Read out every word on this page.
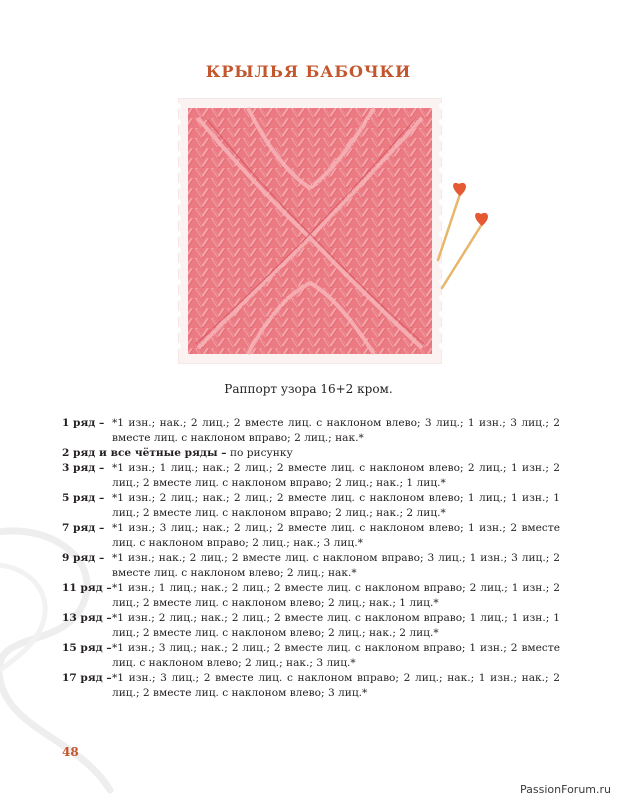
КРЫЛЬЯ БАБОЧКИ
Раппорт узора 16+2 кром.
1 ряд – *1 изн.; нак.; 2 лиц.; 2 вместе лиц. с наклоном влево; 3 лиц.; 1 изн.; 3 лиц.; 2 вместе лиц. с наклоном вправо; 2 лиц.; нак.*
2 ряд и все чётные ряды –
по рисунку
3 ряд – *1 изн.; 1 лиц.; нак.; 2 лиц.; 2 вместе лиц. с наклоном влево; 2 лиц.; 1 изн.; 2 лиц.; 2 вместе лиц. с наклоном вправо; 2 лиц.; нак.; 1 лиц.*
5 ряд – *1 изн.; 2 лиц.; нак.; 2 лиц.; 2 вместе лиц. с наклоном влево; 1 лиц.; 1 изн.; 1 лиц.; 2 вместе лиц. с наклоном вправо; 2 лиц.; нак.; 2 лиц.*
7 ряд – *1 изн.; 3 лиц.; нак.; 2 лиц.; 2 вместе лиц. с наклоном влево; 1 изн.; 2 вместе лиц. с наклоном вправо; 2 лиц.; нак.; 3 лиц.*
9 ряд – *1 изн.; нак.; 2 лиц.; 2 вместе лиц. с наклоном вправо; 3 лиц.; 1 изн.; 3 лиц.; 2 вместе лиц. с наклоном влево; 2 лиц.; нак.*
11 ряд – *1 изн.; 1 лиц.; нак.; 2 лиц.; 2 вместе лиц. с наклоном вправо; 2 лиц.; 1 изн.; 2 лиц.; 2 вместе лиц. с наклоном влево; 2 лиц.; нак.; 1 лиц.*
13 ряд – *1 изн.; 2 лиц.; нак.; 2 лиц.; 2 вместе лиц. с наклоном вправо; 1 лиц.; 1 изн.; 1 лиц.; 2 вместе лиц. с наклоном влево; 2 лиц.; нак.; 2 лиц.*
15 ряд – *1 изн.; 3 лиц.; нак.; 2 лиц.; 2 вместе лиц. с наклоном вправо; 1 изн.; 2 вместе лиц. с наклоном влево; 2 лиц.; нак.; 3 лиц.*
17 ряд – *1 изн.; 3 лиц.; 2 вместе лиц. с наклоном вправо; 2 лиц.; нак.; 1 изн.; нак.; 2 лиц.; 2 вместе лиц. с наклоном влево; 3 лиц.*
48
PassionForum.ru
